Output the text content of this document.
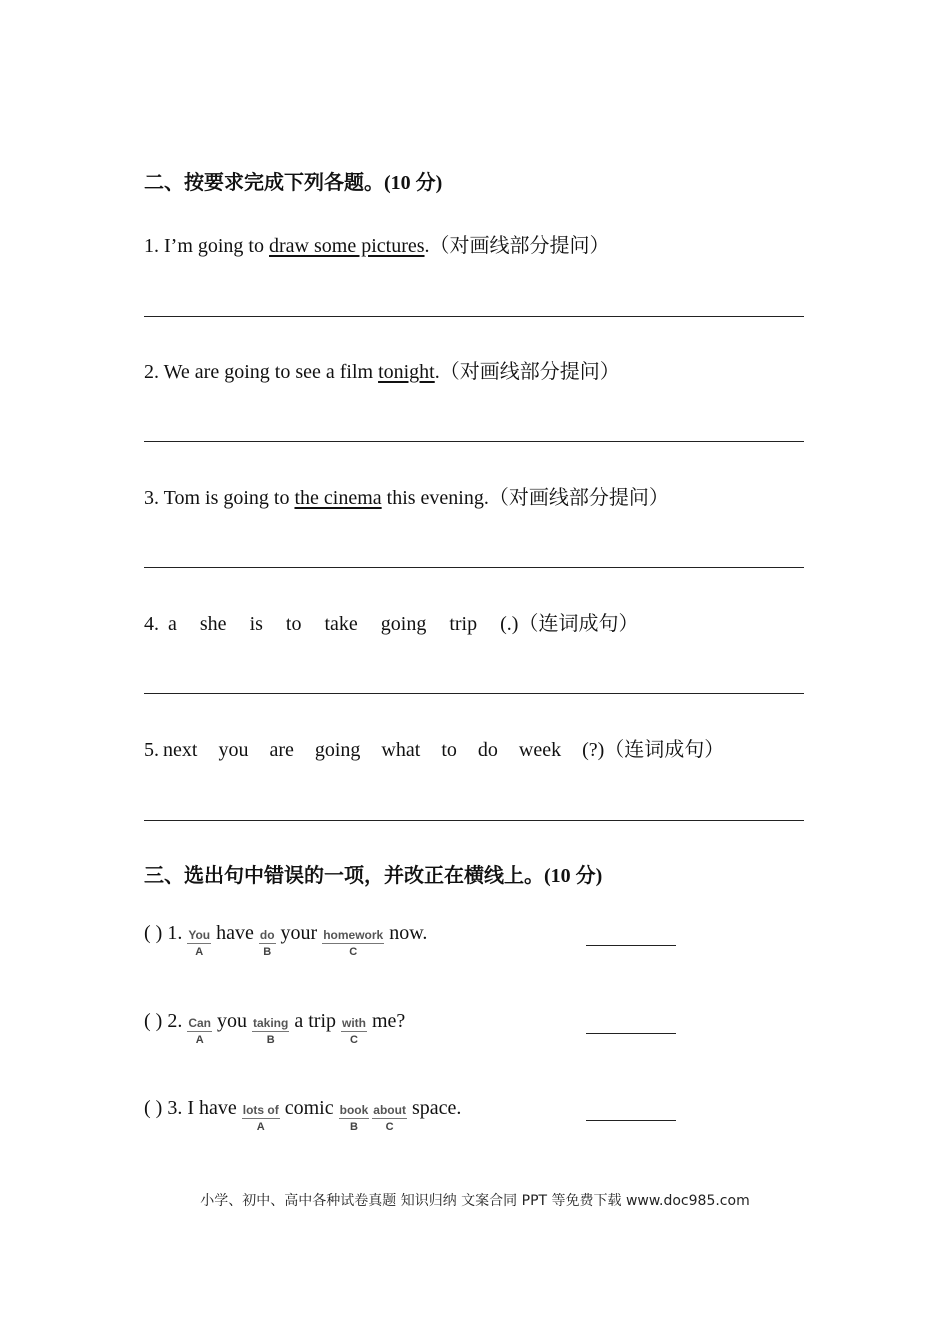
二、按要求完成下列各题。(10 分)
1. I’m going to draw some pictures.（对画线部分提问）
2. We are going to see a film tonight.（对画线部分提问）
3. Tom is going to the cinema this evening.（对画线部分提问）
4. a she is to take going trip (.)（连词成句）
5. next you are going what to do week (?)（连词成句）
三、选出句中错误的一项，并改正在横线上。(10 分)
( ) 1. You
A
have $\frac{do}{B}$ your homework
C
now.
( ) 2. Can
A
you taking
B
a trip with
C
me?
( ) 3. I have lots of
A
comic book
B
about
C
space.
小学、初中、高中各种试卷真题 知识归纳 文案合同 PPT 等免费下载 www.doc985.com
